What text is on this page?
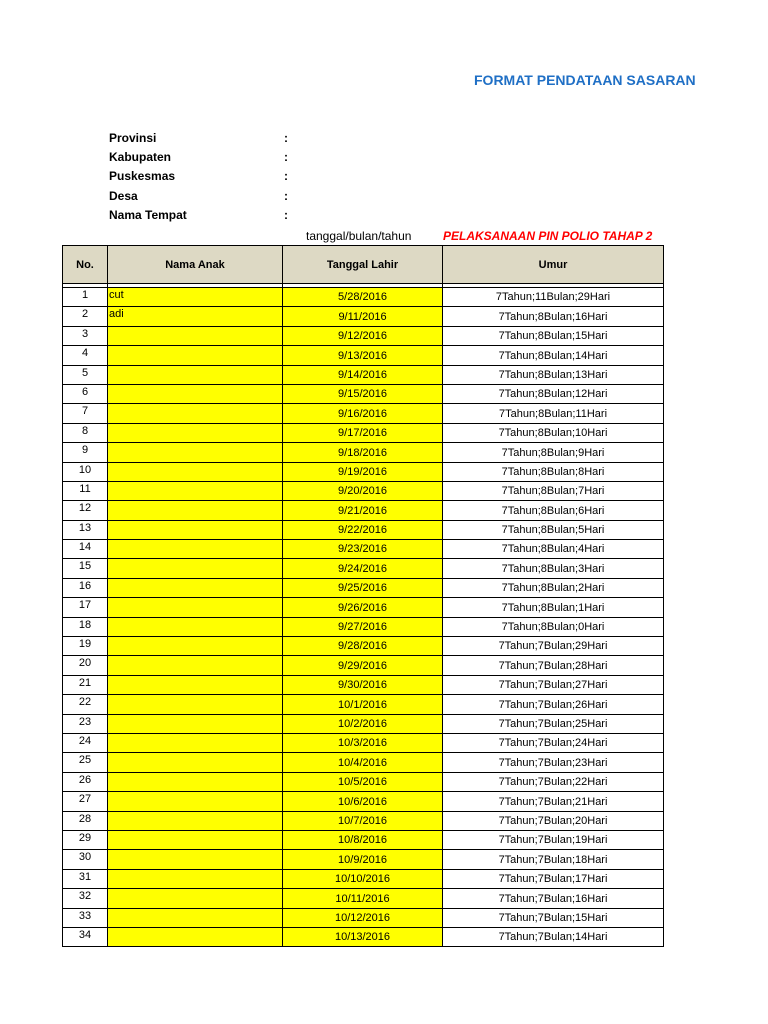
FORMAT PENDATAAN SASARAN
Provinsi	:
Kabupaten	:
Puskesmas	:
Desa	:
Nama Tempat	:
tanggal/bulan/tahun	PELAKSANAAN PIN POLIO TAHAP 2
No.	Nama Anak	Tanggal Lahir	Umur

1	cut	5/28/2016	7Tahun;11Bulan;29Hari
2	adi	9/11/2016	7Tahun;8Bulan;16Hari
3		9/12/2016	7Tahun;8Bulan;15Hari
4		9/13/2016	7Tahun;8Bulan;14Hari
5		9/14/2016	7Tahun;8Bulan;13Hari
6		9/15/2016	7Tahun;8Bulan;12Hari
7		9/16/2016	7Tahun;8Bulan;11Hari
8		9/17/2016	7Tahun;8Bulan;10Hari
9		9/18/2016	7Tahun;8Bulan;9Hari
10		9/19/2016	7Tahun;8Bulan;8Hari
11		9/20/2016	7Tahun;8Bulan;7Hari
12		9/21/2016	7Tahun;8Bulan;6Hari
13		9/22/2016	7Tahun;8Bulan;5Hari
14		9/23/2016	7Tahun;8Bulan;4Hari
15		9/24/2016	7Tahun;8Bulan;3Hari
16		9/25/2016	7Tahun;8Bulan;2Hari
17		9/26/2016	7Tahun;8Bulan;1Hari
18		9/27/2016	7Tahun;8Bulan;0Hari
19		9/28/2016	7Tahun;7Bulan;29Hari
20		9/29/2016	7Tahun;7Bulan;28Hari
21		9/30/2016	7Tahun;7Bulan;27Hari
22		10/1/2016	7Tahun;7Bulan;26Hari
23		10/2/2016	7Tahun;7Bulan;25Hari
24		10/3/2016	7Tahun;7Bulan;24Hari
25		10/4/2016	7Tahun;7Bulan;23Hari
26		10/5/2016	7Tahun;7Bulan;22Hari
27		10/6/2016	7Tahun;7Bulan;21Hari
28		10/7/2016	7Tahun;7Bulan;20Hari
29		10/8/2016	7Tahun;7Bulan;19Hari
30		10/9/2016	7Tahun;7Bulan;18Hari
31		10/10/2016	7Tahun;7Bulan;17Hari
32		10/11/2016	7Tahun;7Bulan;16Hari
33		10/12/2016	7Tahun;7Bulan;15Hari
34		10/13/2016	7Tahun;7Bulan;14Hari
